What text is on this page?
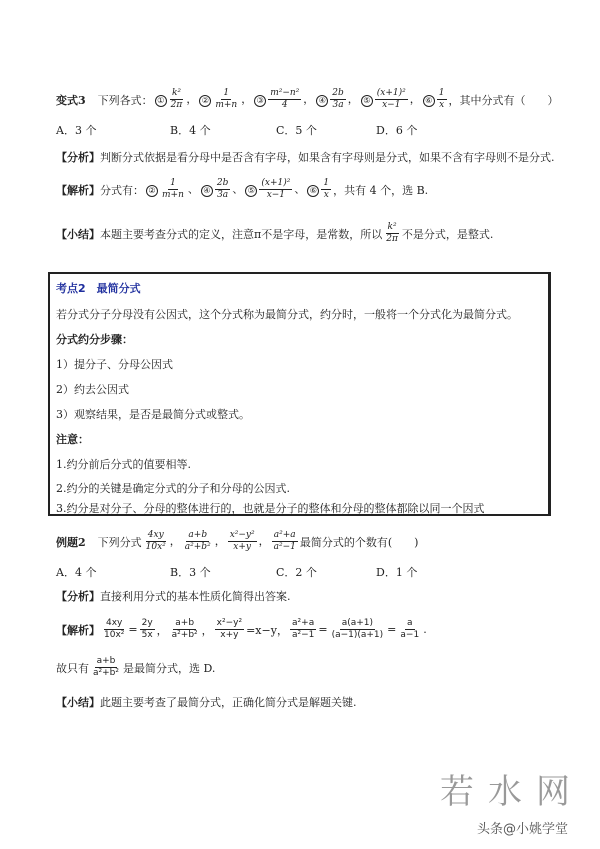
变式3 下列各式： ① $\frac{\text{k²}}{2\pi}$ ， ② $\frac{1}{m+n}$ ， ③ $\frac{\text{m²−n²}}{4}$ ， ④ $\frac{2b}{3a}$ ， ⑤ $\frac{\text{(x+1)²}}{x-1}$ ， ⑥ $\frac{1}{x}$ ，其中分式有（　　）
A．3 个	B．4 个	C．5 个	D．6 个
【分析】 判断分式依据是看分母中是否含有字母，如果含有字母则是分式，如果不含有字母则不是分式.
【解析】 分式有： ② $\frac{1}{m+n}$ 、 ④ $\frac{2b}{3a}$ 、 ⑤ $\frac{\text{(x+1)²}}{x-1}$ 、 ⑥ $\frac{1}{x}$ ，共有 4 个，选 B.
【小结】 本题主要考查分式的定义，注意π不是字母，是常数，所以 $\frac{\text{k²}}{2\pi}$ 不是分式，是整式.
考点2　最简分式
若分式分子分母没有公因式，这个分式称为最简分式，约分时，一般将一个分式化为最简分式。
分式约分步骤：
1）提分子、分母公因式
2）约去公因式
3）观察结果，是否是最简分式或整式。
注意：
1.约分前后分式的值要相等.
2.约分的关键是确定分式的分子和分母的公因式.
3.约分是对分子、分母的整体进行的，也就是分子的整体和分母的整体都除以同一个因式
例题2 下列分式 $\frac{4xy}{\text{10x²}}$ ， $\frac{a+b}{\text{a²+b²}}$ ， $\frac{\text{x²−y²}}{x+y}$ ， $\frac{\text{a²+a}}{\text{a²−1}}$ 最简分式的个数有(　　)
A．4 个	B．3 个	C．2 个	D．1 个
【分析】 直接利用分式的基本性质化简得出答案.
【解析】 $\frac{4xy}{\text{10x²}} = \frac{2y}{5x}$ ， $\frac{a+b}{\text{a²+b²}}$ ， $\frac{\text{x²−y²}}{x+y} =x-y$， $\frac{\text{a²+a}}{\text{a²−1}} = \frac{a(a+1)}{(a-1)(a+1)} = \frac{a}{a-1}$ .
故只有 $\frac{a+b}{\text{a²+b²}}$ 是最简分式，选 D.
【小结】 此题主要考查了最简分式，正确化简分式是解题关键.
若水网
头条@小姚学堂
